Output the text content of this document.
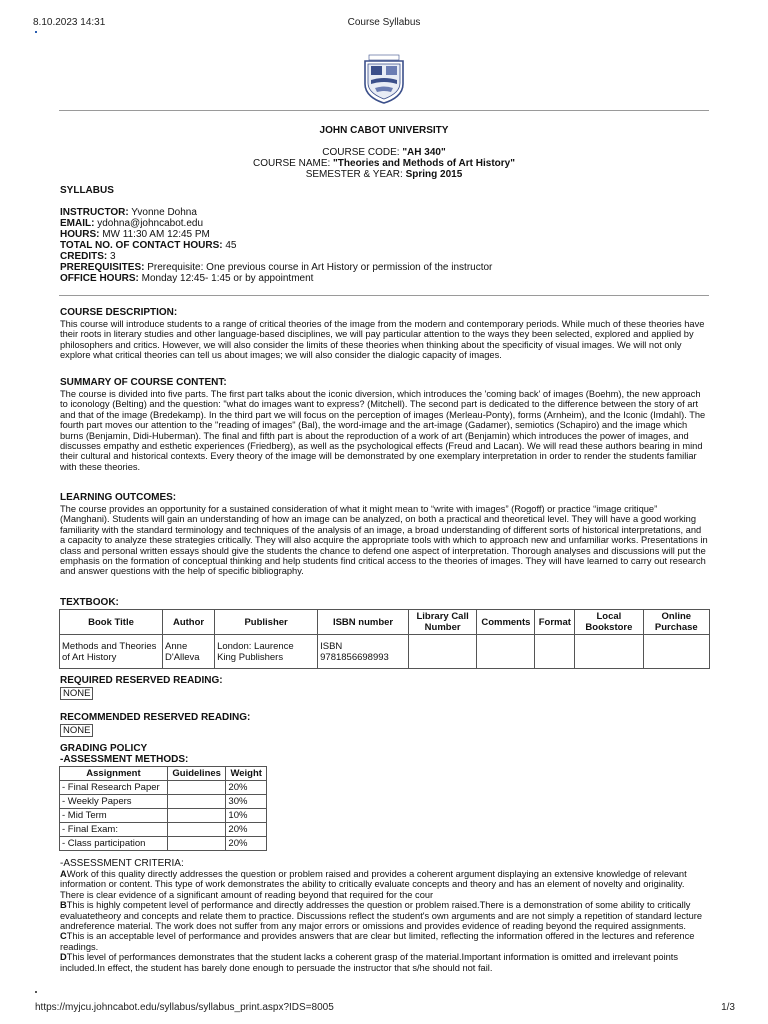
8.10.2023 14:31	Course Syllabus
JOHN CABOT UNIVERSITY
COURSE CODE: "AH 340"
COURSE NAME: "Theories and Methods of Art History"
SEMESTER & YEAR: Spring 2015
SYLLABUS
INSTRUCTOR: Yvonne Dohna
EMAIL: ydohna@johncabot.edu
HOURS: MW 11:30 AM 12:45 PM
TOTAL NO. OF CONTACT HOURS: 45
CREDITS: 3
PREREQUISITES: Prerequisite: One previous course in Art History or permission of the instructor
OFFICE HOURS: Monday 12:45- 1:45 or by appointment
COURSE DESCRIPTION:
This course will introduce students to a range of critical theories of the image from the modern and contemporary periods. While much of these theories have their roots in literary studies and other language-based disciplines, we will pay particular attention to the ways they been selected, explored and applied by philosophers and critics. However, we will also consider the limits of these theories when thinking about the specificity of visual images. We will not only explore what critical theories can tell us about images; we will also consider the dialogic capacity of images.
SUMMARY OF COURSE CONTENT:
The course is divided into five parts. The first part talks about the iconic diversion, which introduces the 'coming back' of images (Boehm), the new approach to iconology (Belting) and the question: "what do images want to express? (Mitchell). The second part is dedicated to the difference between the story of art and that of the image (Bredekamp). In the third part we will focus on the perception of images (Merleau-Ponty), forms (Arnheim), and the Iconic (Imdahl). The fourth part moves our attention to the "reading of images" (Bal), the word-image and the art-image (Gadamer), semiotics (Schapiro) and the image which burns (Benjamin, Didi-Huberman). The final and fifth part is about the reproduction of a work of art (Benjamin) which introduces the power of images, and discusses empathy and esthetic experiences (Friedberg), as well as the psychological effects (Freud and Lacan). We will read these authors bearing in mind their cultural and historical contexts. Every theory of the image will be demonstrated by one exemplary interpretation in order to render the students familiar with these theories.
LEARNING OUTCOMES:
The course provides an opportunity for a sustained consideration of what it might mean to “write with images” (Rogoff) or practice “image critique” (Manghani). Students will gain an understanding of how an image can be analyzed, on both a practical and theoretical level. They will have a good working familiarity with the standard terminology and techniques of the analysis of an image, a broad understanding of different sorts of historical interpretations, and a capacity to analyze these strategies critically. They will also acquire the appropriate tools with which to approach new and unfamiliar works. Presentations in class and personal written essays should give the students the chance to defend one aspect of interpretation. Thorough analyses and discussions will put the emphasis on the formation of conceptual thinking and help students find critical access to the theories of images. They will have learned to carry out research and answer questions with the help of specific bibliography.
TEXTBOOK:
Book Title	Author	Publisher	ISBN number	Library Call Number	Comments	Format	Local Bookstore	Online Purchase
Methods and Theories of Art History	Anne D'Alleva	London: Laurence King Publishers	ISBN 9781856698993					
REQUIRED RESERVED READING:
NONE
RECOMMENDED RESERVED READING:
NONE
GRADING POLICY
-ASSESSMENT METHODS:
Assignment	Guidelines	Weight
- Final Research Paper		20%
- Weekly Papers		30%
- Mid Term		10%
- Final Exam:		20%
- Class participation		20%
-ASSESSMENT CRITERIA:

AWork of this quality directly addresses the question or problem raised and provides a coherent argument displaying an extensive knowledge of relevant information or content. This type of work demonstrates the ability to critically evaluate concepts and theory and has an element of novelty and originality. There is clear evidence of a significant amount of reading beyond that required for the cour

BThis is highly competent level of performance and directly addresses the question or problem raised.There is a demonstration of some ability to critically evaluatetheory and concepts and relate them to practice. Discussions reflect the student's own arguments and are not simply a repetition of standard lecture andreference material. The work does not suffer from any major errors or omissions and provides evidence of reading beyond the required assignments.

CThis is an acceptable level of performance and provides answers that are clear but limited, reflecting the information offered in the lectures and reference readings.

DThis level of performances demonstrates that the student lacks a coherent grasp of the material.Important information is omitted and irrelevant points included.In effect, the student has barely done enough to persuade the instructor that s/he should not fail.

https://myjcu.johncabot.edu/syllabus/syllabus_print.aspx?IDS=8005	1/3
